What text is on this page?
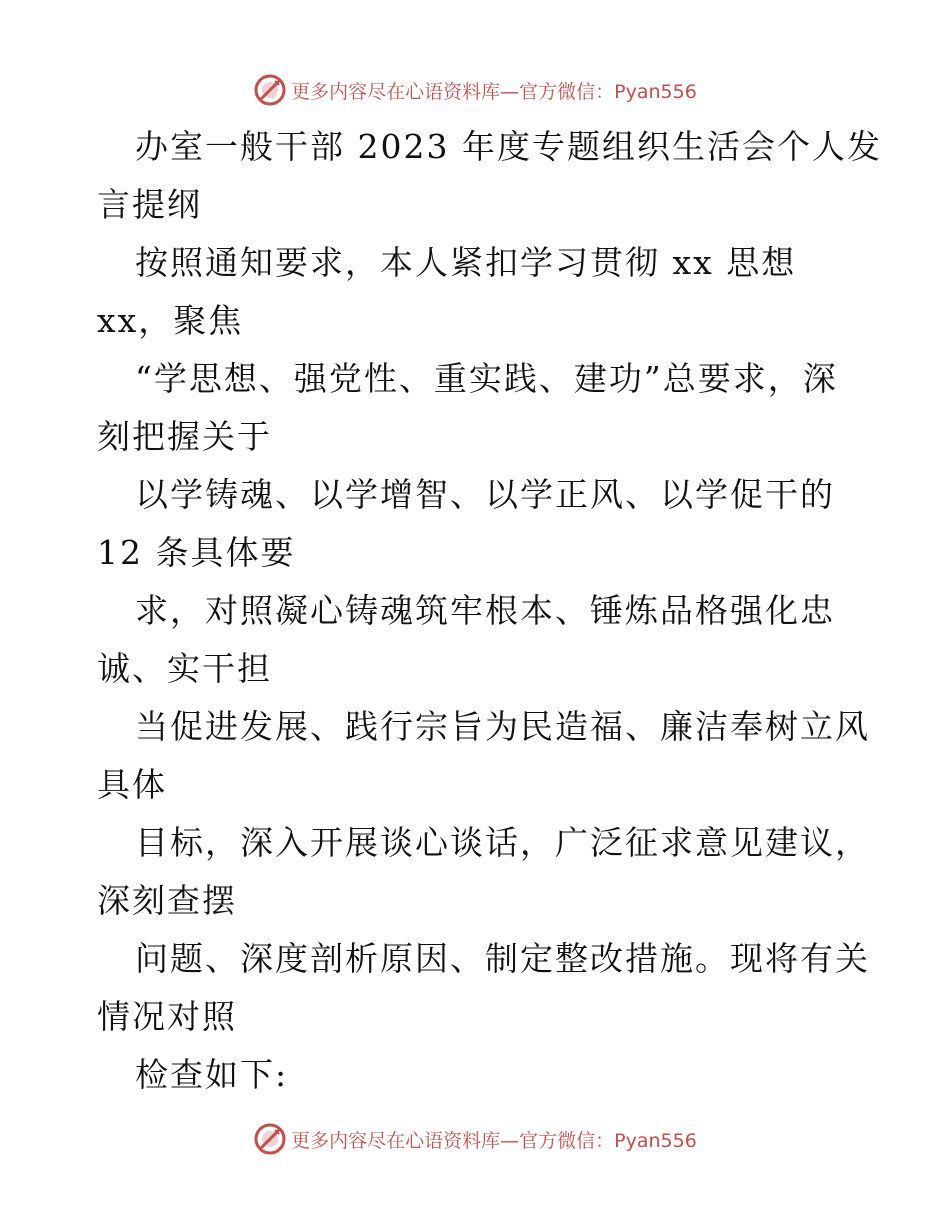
更多内容尽在心语资料库—官方微信：Pyan556
办室一般干部 2023 年度专题组织生活会个人发
言提纲
按照通知要求，本人紧扣学习贯彻 xx 思想
xx，聚焦
“学思想、强党性、重实践、建功”总要求，深
刻把握关于
以学铸魂、以学增智、以学正风、以学促干的
12 条具体要
求，对照凝心铸魂筑牢根本、锤炼品格强化忠
诚、实干担
当促进发展、践行宗旨为民造福、廉洁奉树立风
具体
目标，深入开展谈心谈话，广泛征求意见建议，
深刻查摆
问题、深度剖析原因、制定整改措施。现将有关
情况对照
检查如下:
更多内容尽在心语资料库—官方微信：Pyan556
